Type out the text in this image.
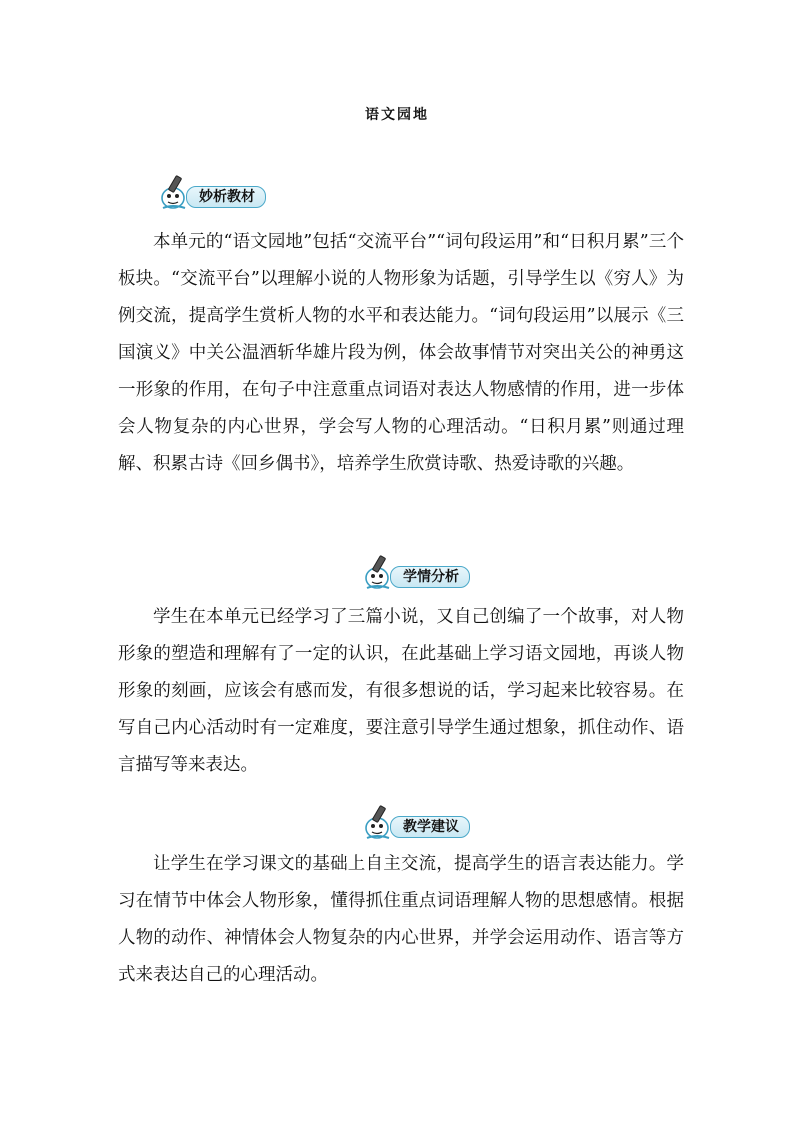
语文园地
妙析教材

本单元的“语文园地”包括“交流平台”“词句段运用”和“日积月累”三个板块。“交流平台”以理解小说的人物形象为话题，引导学生以《穷人》为例交流，提高学生赏析人物的水平和表达能力。“词句段运用”以展示《三国演义》中关公温酒斩华雄片段为例，体会故事情节对突出关公的神勇这一形象的作用，在句子中注意重点词语对表达人物感情的作用，进一步体会人物复杂的内心世界，学会写人物的心理活动。“日积月累”则通过理解、积累古诗《回乡偶书》，培养学生欣赏诗歌、热爱诗歌的兴趣。

学情分析

学生在本单元已经学习了三篇小说，又自己创编了一个故事，对人物形象的塑造和理解有了一定的认识，在此基础上学习语文园地，再谈人物形象的刻画，应该会有感而发，有很多想说的话，学习起来比较容易。在写自己内心活动时有一定难度，要注意引导学生通过想象，抓住动作、语言描写等来表达。

教学建议

让学生在学习课文的基础上自主交流，提高学生的语言表达能力。学习在情节中体会人物形象，懂得抓住重点词语理解人物的思想感情。根据人物的动作、神情体会人物复杂的内心世界，并学会运用动作、语言等方式来表达自己的心理活动。
